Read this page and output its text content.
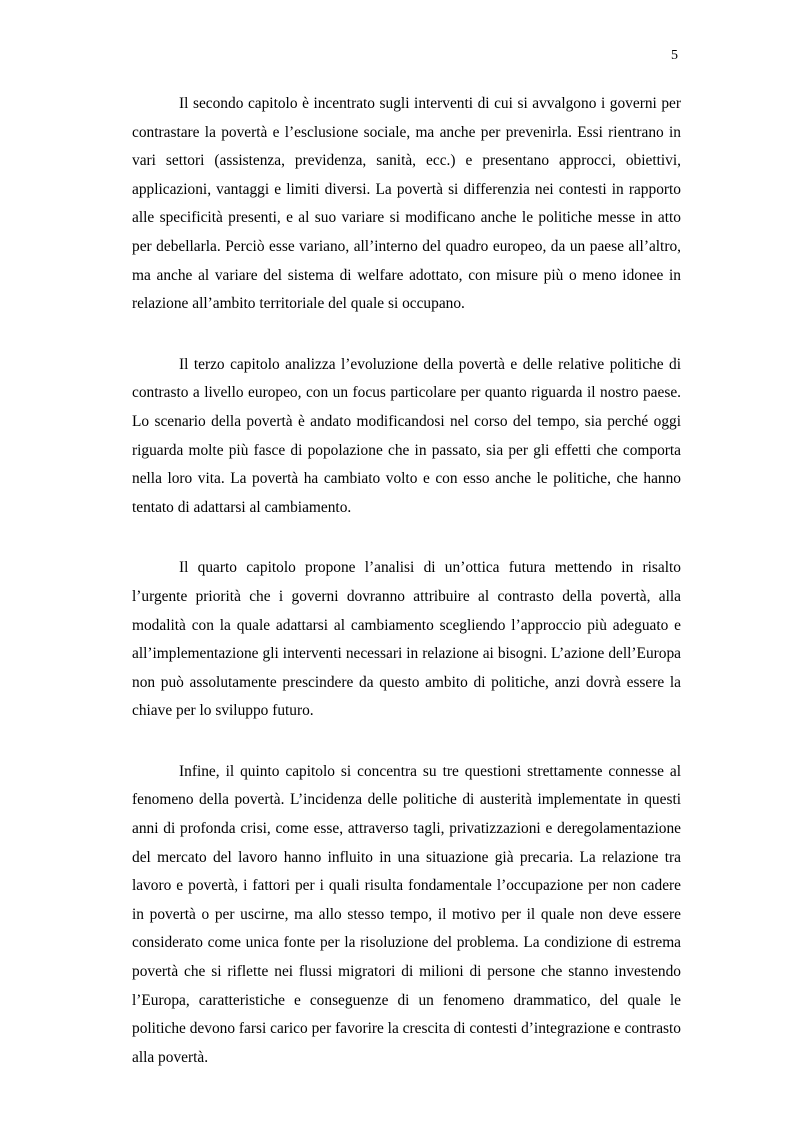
5

Il secondo capitolo è incentrato sugli interventi di cui si avvalgono i governi per contrastare la povertà e l’esclusione sociale, ma anche per prevenirla. Essi rientrano in vari settori (assistenza, previdenza, sanità, ecc.) e presentano approcci, obiettivi, applicazioni, vantaggi e limiti diversi. La povertà si differenzia nei contesti in rapporto alle specificità presenti, e al suo variare si modificano anche le politiche messe in atto per debellarla. Perciò esse variano, all’interno del quadro europeo, da un paese all’altro, ma anche al variare del sistema di welfare adottato, con misure più o meno idonee in relazione all’ambito territoriale del quale si occupano.

Il terzo capitolo analizza l’evoluzione della povertà e delle relative politiche di contrasto a livello europeo, con un focus particolare per quanto riguarda il nostro paese. Lo scenario della povertà è andato modificandosi nel corso del tempo, sia perché oggi riguarda molte più fasce di popolazione che in passato, sia per gli effetti che comporta nella loro vita. La povertà ha cambiato volto e con esso anche le politiche, che hanno tentato di adattarsi al cambiamento.

Il quarto capitolo propone l’analisi di un’ottica futura mettendo in risalto l’urgente priorità che i governi dovranno attribuire al contrasto della povertà, alla modalità con la quale adattarsi al cambiamento scegliendo l’approccio più adeguato e all’implementazione gli interventi necessari in relazione ai bisogni. L’azione dell’Europa non può assolutamente prescindere da questo ambito di politiche, anzi dovrà essere la chiave per lo sviluppo futuro.

Infine, il quinto capitolo si concentra su tre questioni strettamente connesse al fenomeno della povertà. L’incidenza delle politiche di austerità implementate in questi anni di profonda crisi, come esse, attraverso tagli, privatizzazioni e deregolamentazione del mercato del lavoro hanno influito in una situazione già precaria. La relazione tra lavoro e povertà, i fattori per i quali risulta fondamentale l’occupazione per non cadere in povertà o per uscirne, ma allo stesso tempo, il motivo per il quale non deve essere considerato come unica fonte per la risoluzione del problema. La condizione di estrema povertà che si riflette nei flussi migratori di milioni di persone che stanno investendo l’Europa, caratteristiche e conseguenze di un fenomeno drammatico, del quale le politiche devono farsi carico per favorire la crescita di contesti d’integrazione e contrasto alla povertà.
